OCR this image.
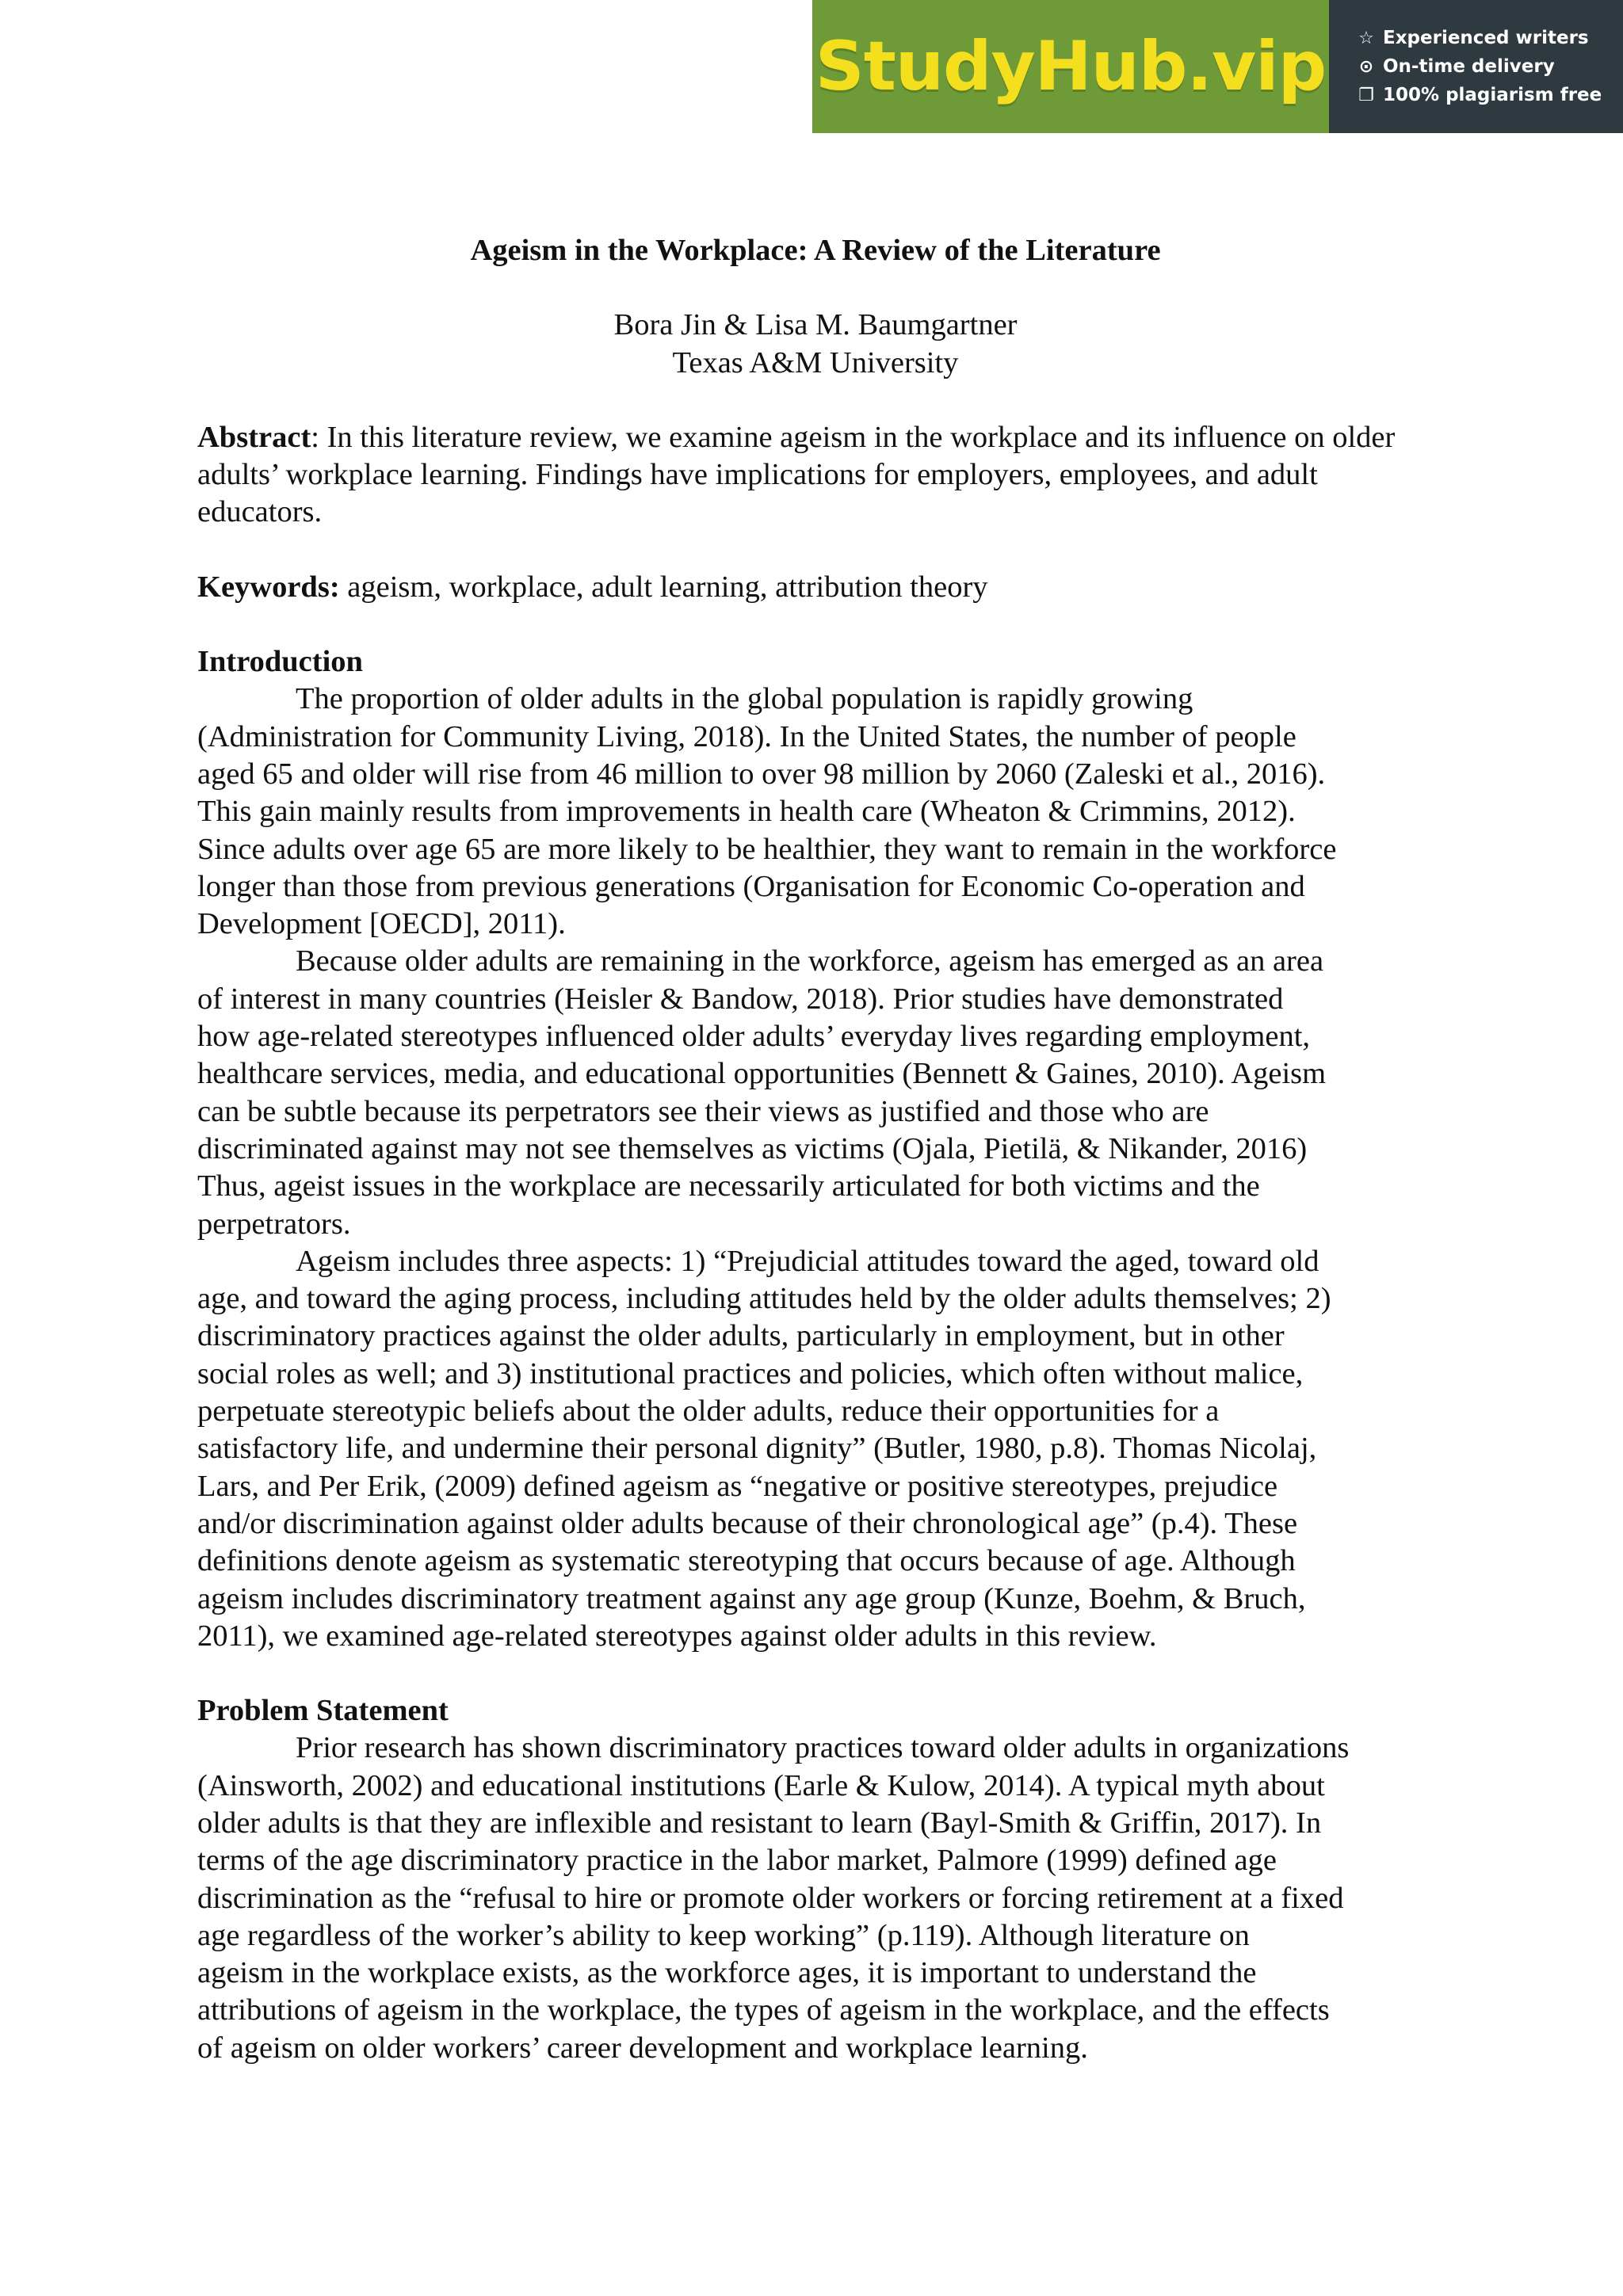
StudyHub.vip ☆ Experienced writers
⊙ On-time delivery
❐ 100% plagiarism free
Ageism in the Workplace: A Review of the Literature
Bora Jin & Lisa M. Baumgartner
Texas A&M University
Abstract: In this literature review, we examine ageism in the workplace and its influence on older adults’ workplace learning. Findings have implications for employers, employees, and adult educators.
Keywords: ageism, workplace, adult learning, attribution theory
Introduction
The proportion of older adults in the global population is rapidly growing
(Administration for Community Living, 2018). In the United States, the number of people
aged 65 and older will rise from 46 million to over 98 million by 2060 (Zaleski et al., 2016).
This gain mainly results from improvements in health care (Wheaton & Crimmins, 2012).
Since adults over age 65 are more likely to be healthier, they want to remain in the workforce
longer than those from previous generations (Organisation for Economic Co-operation and
Development [OECD], 2011).
Because older adults are remaining in the workforce, ageism has emerged as an area
of interest in many countries (Heisler & Bandow, 2018). Prior studies have demonstrated
how age-related stereotypes influenced older adults’ everyday lives regarding employment,
healthcare services, media, and educational opportunities (Bennett & Gaines, 2010). Ageism
can be subtle because its perpetrators see their views as justified and those who are
discriminated against may not see themselves as victims (Ojala, Pietilä, & Nikander, 2016)
Thus, ageist issues in the workplace are necessarily articulated for both victims and the
perpetrators.
Ageism includes three aspects: 1) “Prejudicial attitudes toward the aged, toward old
age, and toward the aging process, including attitudes held by the older adults themselves; 2)
discriminatory practices against the older adults, particularly in employment, but in other
social roles as well; and 3) institutional practices and policies, which often without malice,
perpetuate stereotypic beliefs about the older adults, reduce their opportunities for a
satisfactory life, and undermine their personal dignity” (Butler, 1980, p.8). Thomas Nicolaj,
Lars, and Per Erik, (2009) defined ageism as “negative or positive stereotypes, prejudice
and/or discrimination against older adults because of their chronological age” (p.4). These
definitions denote ageism as systematic stereotyping that occurs because of age. Although
ageism includes discriminatory treatment against any age group (Kunze, Boehm, & Bruch,
2011), we examined age-related stereotypes against older adults in this review.
Problem Statement
Prior research has shown discriminatory practices toward older adults in organizations
(Ainsworth, 2002) and educational institutions (Earle & Kulow, 2014). A typical myth about
older adults is that they are inflexible and resistant to learn (Bayl-Smith & Griffin, 2017). In
terms of the age discriminatory practice in the labor market, Palmore (1999) defined age
discrimination as the “refusal to hire or promote older workers or forcing retirement at a fixed
age regardless of the worker’s ability to keep working” (p.119). Although literature on
ageism in the workplace exists, as the workforce ages, it is important to understand the
attributions of ageism in the workplace, the types of ageism in the workplace, and the effects
of ageism on older workers’ career development and workplace learning.
